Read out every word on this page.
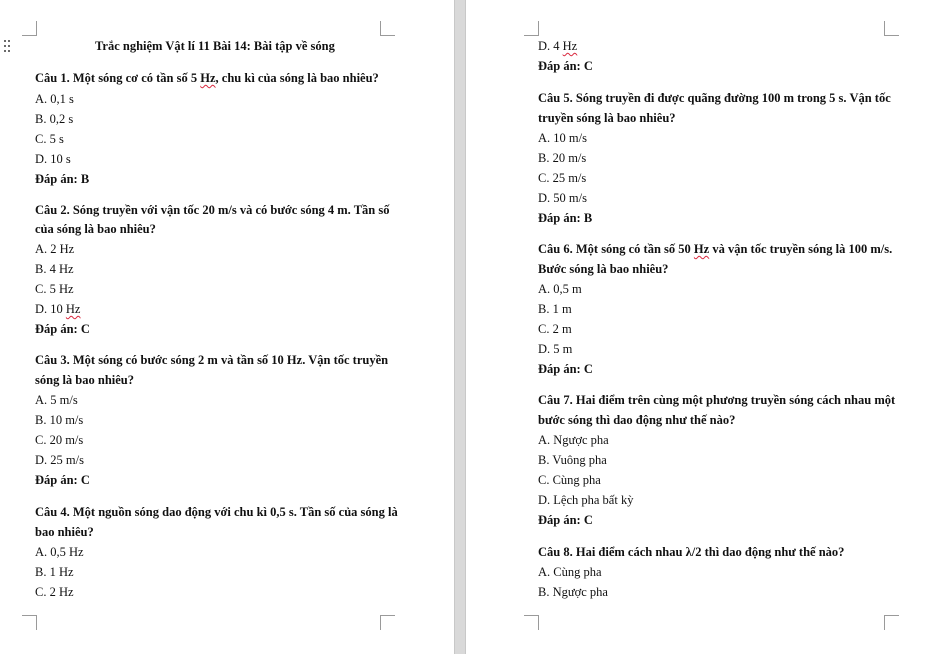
Trắc nghiệm Vật lí 11 Bài 14: Bài tập về sóng
Câu 1. Một sóng cơ có tần số 5 Hz, chu kì của sóng là bao nhiêu?
A. 0,1 s
B. 0,2 s
C. 5 s
D. 10 s
Đáp án: B
Câu 2. Sóng truyền với vận tốc 20 m/s và có bước sóng 4 m. Tần số
của sóng là bao nhiêu?
A. 2 Hz
B. 4 Hz
C. 5 Hz
D. 10 Hz
Đáp án: C
Câu 3. Một sóng có bước sóng 2 m và tần số 10 Hz. Vận tốc truyền
sóng là bao nhiêu?
A. 5 m/s
B. 10 m/s
C. 20 m/s
D. 25 m/s
Đáp án: C
Câu 4. Một nguồn sóng dao động với chu kì 0,5 s. Tần số của sóng là
bao nhiêu?
A. 0,5 Hz
B. 1 Hz
C. 2 Hz
D. 4 Hz
Đáp án: C
Câu 5. Sóng truyền đi được quãng đường 100 m trong 5 s. Vận tốc
truyền sóng là bao nhiêu?
A. 10 m/s
B. 20 m/s
C. 25 m/s
D. 50 m/s
Đáp án: B
Câu 6. Một sóng có tần số 50 Hz và vận tốc truyền sóng là 100 m/s.
Bước sóng là bao nhiêu?
A. 0,5 m
B. 1 m
C. 2 m
D. 5 m
Đáp án: C
Câu 7. Hai điểm trên cùng một phương truyền sóng cách nhau một
bước sóng thì dao động như thế nào?
A. Ngược pha
B. Vuông pha
C. Cùng pha
D. Lệch pha bất kỳ
Đáp án: C
Câu 8. Hai điểm cách nhau λ/2 thì dao động như thế nào?
A. Cùng pha
B. Ngược pha
